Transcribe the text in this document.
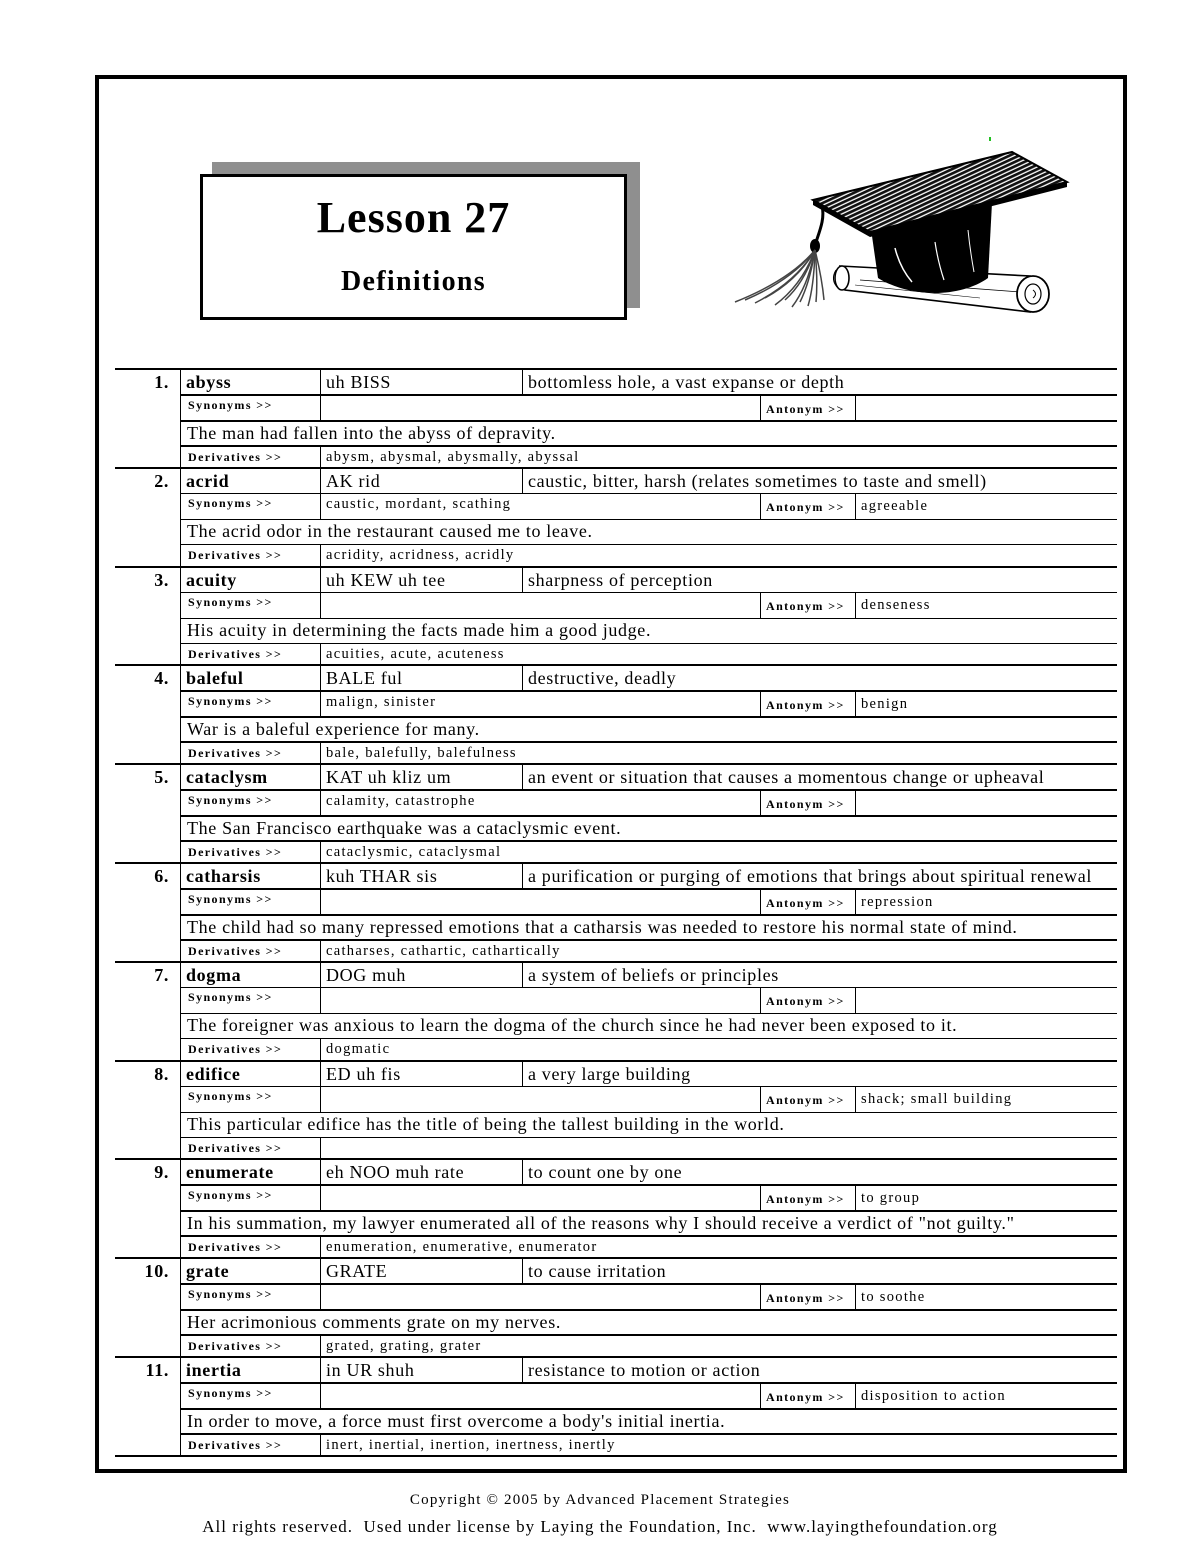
Lesson 27
Definitions
1. abyss	uh BISS	bottomless hole, a vast expanse or depth
Synonyms >>	Antonym >>
The man had fallen into the abyss of depravity.
Derivatives >>	abysm, abysmal, abysmally, abyssal
2. acrid	AK rid	caustic, bitter, harsh (relates sometimes to taste and smell)
Synonyms >>	caustic, mordant, scathing	Antonym >>	agreeable
The acrid odor in the restaurant caused me to leave.
Derivatives >>	acridity, acridness, acridly
3. acuity	uh KEW uh tee	sharpness of perception
Synonyms >>	Antonym >>	denseness
His acuity in determining the facts made him a good judge.
Derivatives >>	acuities, acute, acuteness
4. baleful	BALE ful	destructive, deadly
Synonyms >>	malign, sinister	Antonym >>	benign
War is a baleful experience for many.
Derivatives >>	bale, balefully, balefulness
5. cataclysm	KAT uh kliz um	an event or situation that causes a momentous change or upheaval
Synonyms >>	calamity, catastrophe	Antonym >>
The San Francisco earthquake was a cataclysmic event.
Derivatives >>	cataclysmic, cataclysmal
6. catharsis	kuh THAR sis	a purification or purging of emotions that brings about spiritual renewal
Synonyms >>	Antonym >>	repression
The child had so many repressed emotions that a catharsis was needed to restore his normal state of mind.
Derivatives >>	catharses, cathartic, cathartically
7. dogma	DOG muh	a system of beliefs or principles
Synonyms >>	Antonym >>
The foreigner was anxious to learn the dogma of the church since he had never been exposed to it.
Derivatives >>	dogmatic
8. edifice	ED uh fis	a very large building
Synonyms >>	Antonym >>	shack; small building
This particular edifice has the title of being the tallest building in the world.
Derivatives >>
9. enumerate	eh NOO muh rate	to count one by one
Synonyms >>	Antonym >>	to group
In his summation, my lawyer enumerated all of the reasons why I should receive a verdict of "not guilty."
Derivatives >>	enumeration, enumerative, enumerator
10. grate	GRATE	to cause irritation
Synonyms >>	Antonym >>	to soothe
Her acrimonious comments grate on my nerves.
Derivatives >>	grated, grating, grater
11. inertia	in UR shuh	resistance to motion or action
Synonyms >>	Antonym >>	disposition to action
In order to move, a force must first overcome a body's initial inertia.
Derivatives >>	inert, inertial, inertion, inertness, inertly
Copyright © 2005 by Advanced Placement Strategies
All rights reserved.  Used under license by Laying the Foundation, Inc.  www.layingthefoundation.org
